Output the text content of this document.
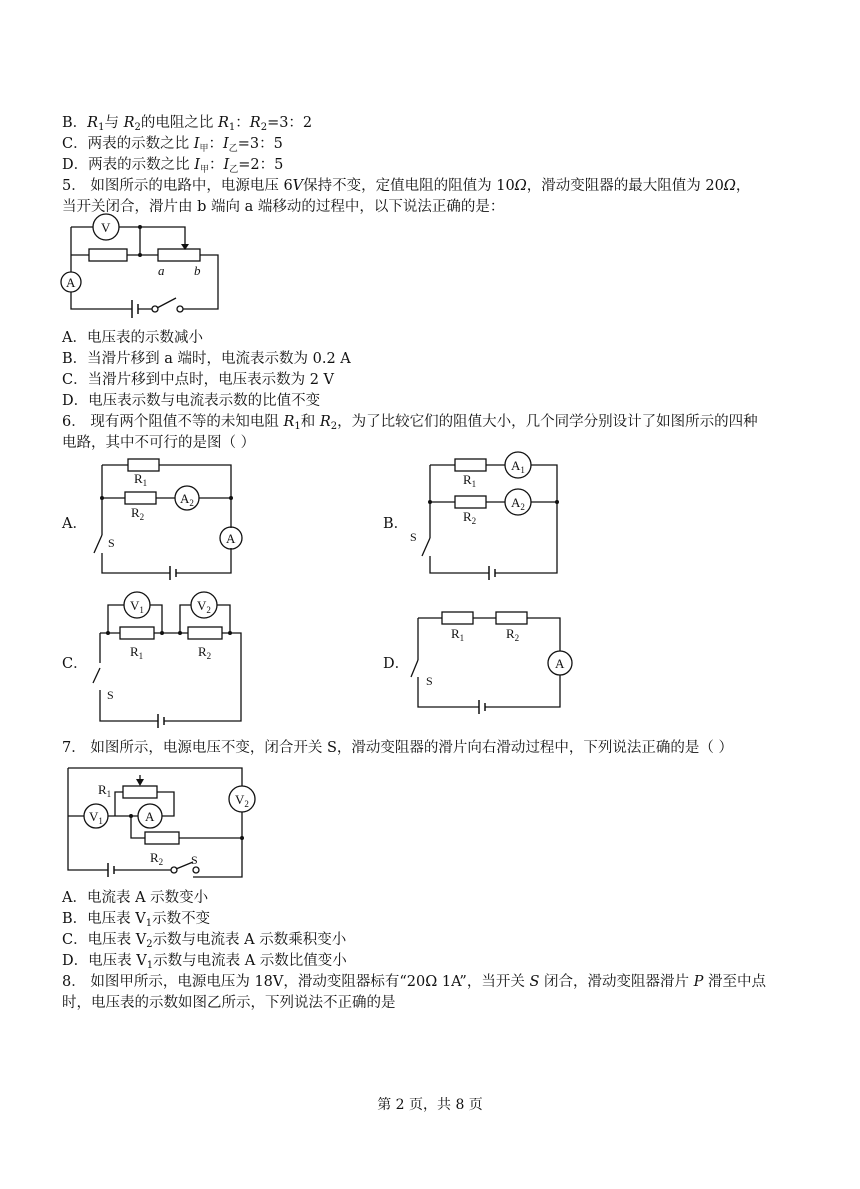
B．$R_1$与 $R_2$的电阻之比 $R_1$：$R_2=3$：2
C．两表的示数之比 $I_甲$：$I_乙=3$：5
D．两表的示数之比 $I_甲$：$I_乙=2$：5
5． 如图所示的电路中，电源电压 6V保持不变，定值电阻的阻值为 10Ω，滑动变阻器的最大阻值为 20Ω，
当开关闭合，滑片由 b 端向 a 端移动的过程中，以下说法正确的是：
V
A
a b
A．电压表的示数减小
B．当滑片移到 a 端时，电流表示数为 0.2 A
C．当滑片移到中点时，电压表示数为 2 V
D．电压表示数与电流表示数的比值不变
6． 现有两个阻值不等的未知电阻 $R_1$和 $R_2$，为了比较它们的阻值大小，几个同学分别设计了如图所示的四种
电路，其中不可行的是图（ ）
A．	B．
C．	D．
$R_1$
$R_2$
$A_2$
A
S
$R_1$
$R_2$
$A_1$
$A_2$
S
$V_1$	$V_2$
$R_1$	$R_2$
S
$R_1$	$R_2$
A
S
7． 如图所示，电源电压不变，闭合开关 S，滑动变阻器的滑片向右滑动过程中，下列说法正确的是（ ）
$R_1$
$R_2$
$V_1$
$V_2$
A
S
A．电流表 A 示数变小
B．电压表 $V_1$示数不变
C．电压表 $V_2$示数与电流表 A 示数乘积变小
D．电压表 $V_1$示数与电流表 A 示数比值变小
8． 如图甲所示，电源电压为 18V，滑动变阻器标有“20Ω 1A”，当开关 S 闭合，滑动变阻器滑片 P 滑至中点
时，电压表的示数如图乙所示，下列说法不正确的是
第 2 页，共 8 页
